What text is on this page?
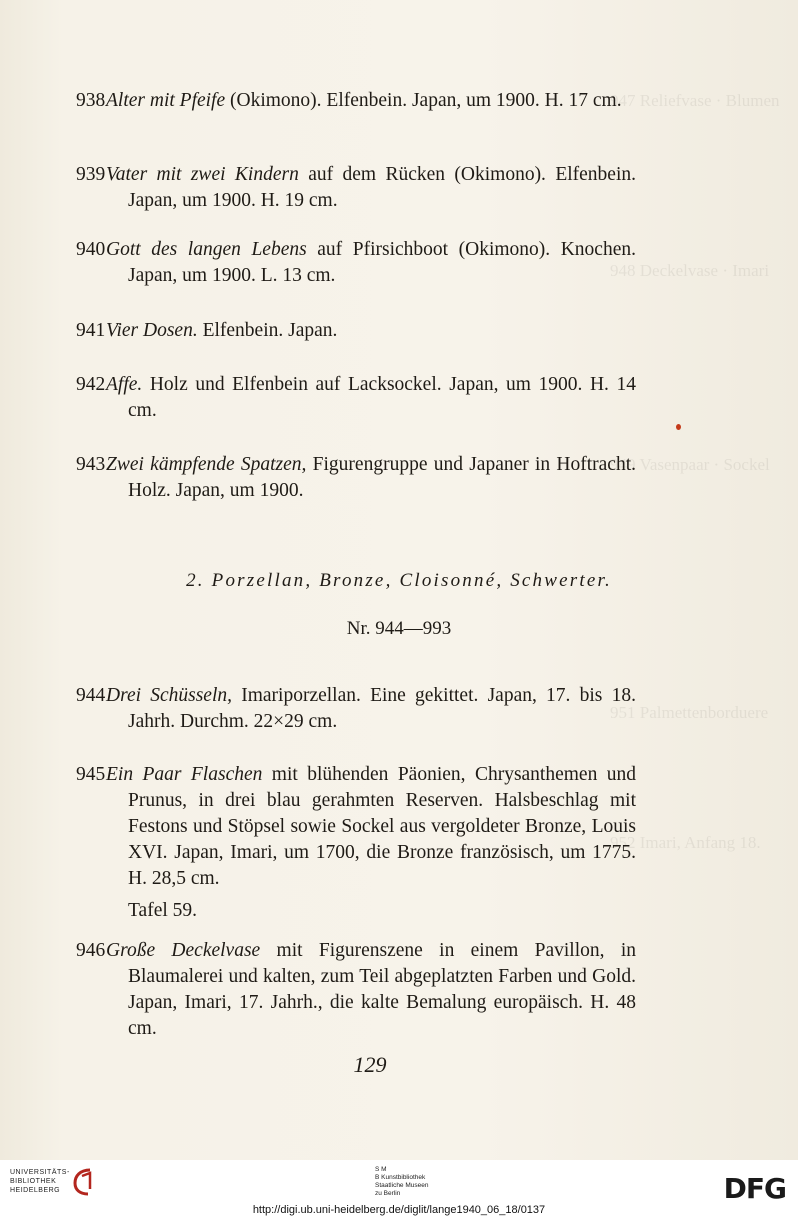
947 Reliefvase · Blumen
948 Deckelvase · Imari
949 Vasenpaar · Sockel
951 Palmettenborduere
952 Imari, Anfang 18.
938 Alter mit Pfeife (Okimono). Elfenbein. Japan, um 1900. H. 17 cm.
939 Vater mit zwei Kindern auf dem Rücken (Okimono). Elfenbein. Japan, um 1900. H. 19 cm.
940 Gott des langen Lebens auf Pfirsichboot (Okimono). Knochen. Japan, um 1900. L. 13 cm.
941 Vier Dosen. Elfenbein. Japan.
942 Affe. Holz und Elfenbein auf Lacksockel. Japan, um 1900. H. 14 cm.
943 Zwei kämpfende Spatzen, Figurengruppe und Japaner in Hoftracht. Holz. Japan, um 1900.
2. Porzellan, Bronze, Cloisonné, Schwerter.
Nr. 944—993
944 Drei Schüsseln, Imariporzellan. Eine gekittet. Japan, 17. bis 18. Jahrh. Durchm. 22×29 cm.
945 Ein Paar Flaschen mit blühenden Päonien, Chrysanthemen und Prunus, in drei blau gerahmten Reserven. Halsbeschlag mit Festons und Stöpsel sowie Sockel aus vergoldeter Bronze, Louis XVI. Japan, Imari, um 1700, die Bronze französisch, um 1775. H. 28,5 cm.
Tafel 59.
946 Große Deckelvase mit Figurenszene in einem Pavillon, in Blaumalerei und kalten, zum Teil abgeplatzten Farben und Gold. Japan, Imari, 17. Jahrh., die kalte Bemalung europäisch. H. 48 cm.
129
UNIVERSITÄTS-
BIBLIOTHEK
HEIDELBERG
S M
B Kunstbibliothek
Staatliche Museen
zu Berlin	DFG
http://digi.ub.uni-heidelberg.de/diglit/lange1940_06_18/0137
